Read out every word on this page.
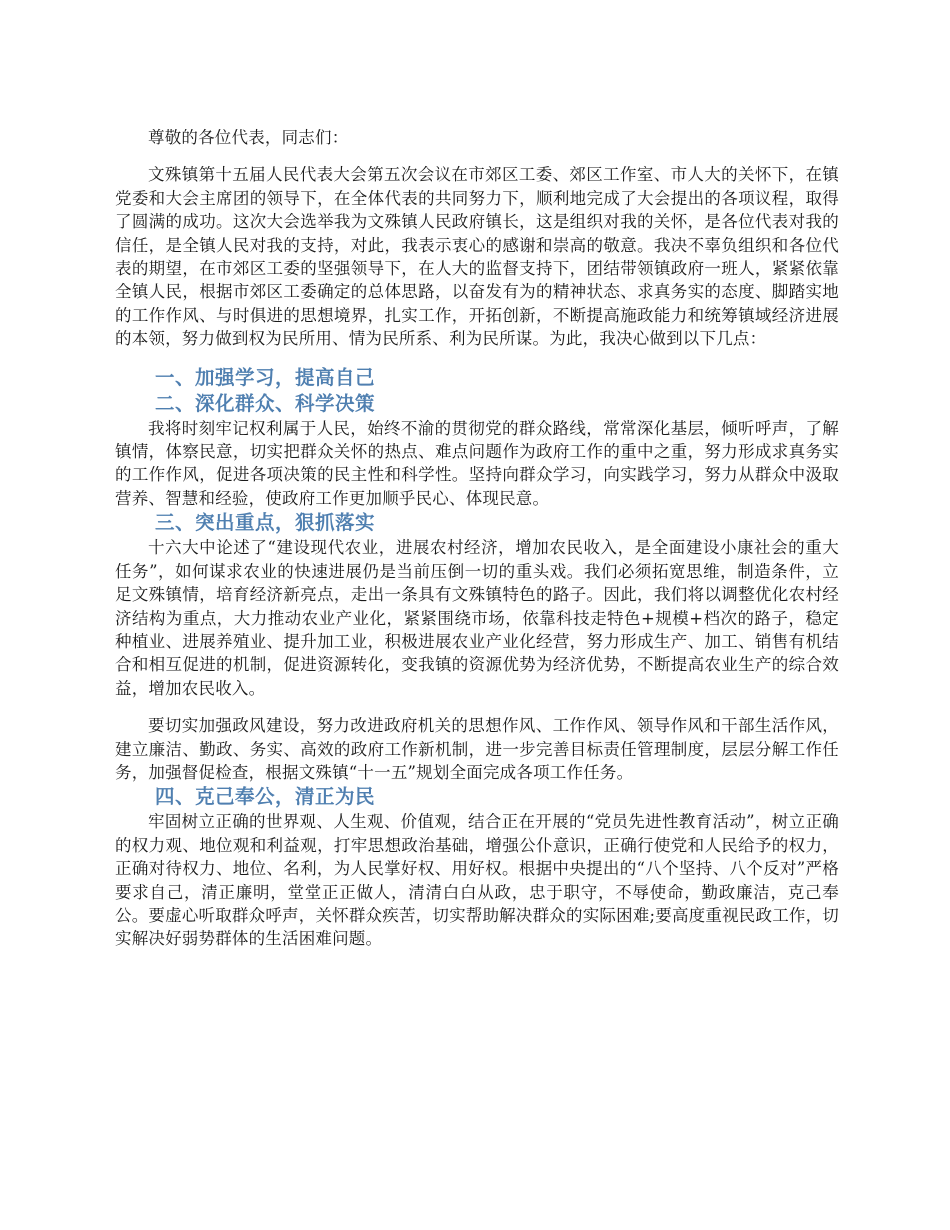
尊敬的各位代表，同志们：

文殊镇第十五届人民代表大会第五次会议在市郊区工委、郊区工作室、市人大的关怀下，在镇党委和大会主席团的领导下，在全体代表的共同努力下，顺利地完成了大会提出的各项议程，取得了圆满的成功。这次大会选举我为文殊镇人民政府镇长，这是组织对我的关怀，是各位代表对我的信任，是全镇人民对我的支持，对此，我表示衷心的感谢和崇高的敬意。我决不辜负组织和各位代表的期望，在市郊区工委的坚强领导下，在人大的监督支持下，团结带领镇政府一班人，紧紧依靠全镇人民，根据市郊区工委确定的总体思路，以奋发有为的精神状态、求真务实的态度、脚踏实地的工作作风、与时俱进的思想境界，扎实工作，开拓创新，不断提高施政能力和统筹镇域经济进展的本领，努力做到权为民所用、情为民所系、利为民所谋。为此，我决心做到以下几点：

一、加强学习，提高自己
二、深化群众、科学决策

我将时刻牢记权利属于人民，始终不渝的贯彻党的群众路线，常常深化基层，倾听呼声，了解镇情，体察民意，切实把群众关怀的热点、难点问题作为政府工作的重中之重，努力形成求真务实的工作作风，促进各项决策的民主性和科学性。坚持向群众学习，向实践学习，努力从群众中汲取营养、智慧和经验，使政府工作更加顺乎民心、体现民意。

三、突出重点，狠抓落实

十六大中论述了“建设现代农业，进展农村经济，增加农民收入，是全面建设小康社会的重大任务”，如何谋求农业的快速进展仍是当前压倒一切的重头戏。我们必须拓宽思维，制造条件，立足文殊镇情，培育经济新亮点，走出一条具有文殊镇特色的路子。因此，我们将以调整优化农村经济结构为重点，大力推动农业产业化，紧紧围绕市场，依靠科技走特色+规模+档次的路子，稳定种植业、进展养殖业、提升加工业，积极进展农业产业化经营，努力形成生产、加工、销售有机结合和相互促进的机制，促进资源转化，变我镇的资源优势为经济优势，不断提高农业生产的综合效益，增加农民收入。

要切实加强政风建设，努力改进政府机关的思想作风、工作作风、领导作风和干部生活作风，建立廉洁、勤政、务实、高效的政府工作新机制，进一步完善目标责任管理制度，层层分解工作任务，加强督促检查，根据文殊镇“十一五”规划全面完成各项工作任务。

四、克己奉公，清正为民

牢固树立正确的世界观、人生观、价值观，结合正在开展的“党员先进性教育活动”，树立正确的权力观、地位观和利益观，打牢思想政治基础，增强公仆意识，正确行使党和人民给予的权力，正确对待权力、地位、名利，为人民掌好权、用好权。根据中央提出的“八个坚持、八个反对”严格要求自己，清正廉明，堂堂正正做人，清清白白从政，忠于职守，不辱使命，勤政廉洁，克己奉公。要虚心听取群众呼声，关怀群众疾苦，切实帮助解决群众的实际困难;要高度重视民政工作，切实解决好弱势群体的生活困难问题。
